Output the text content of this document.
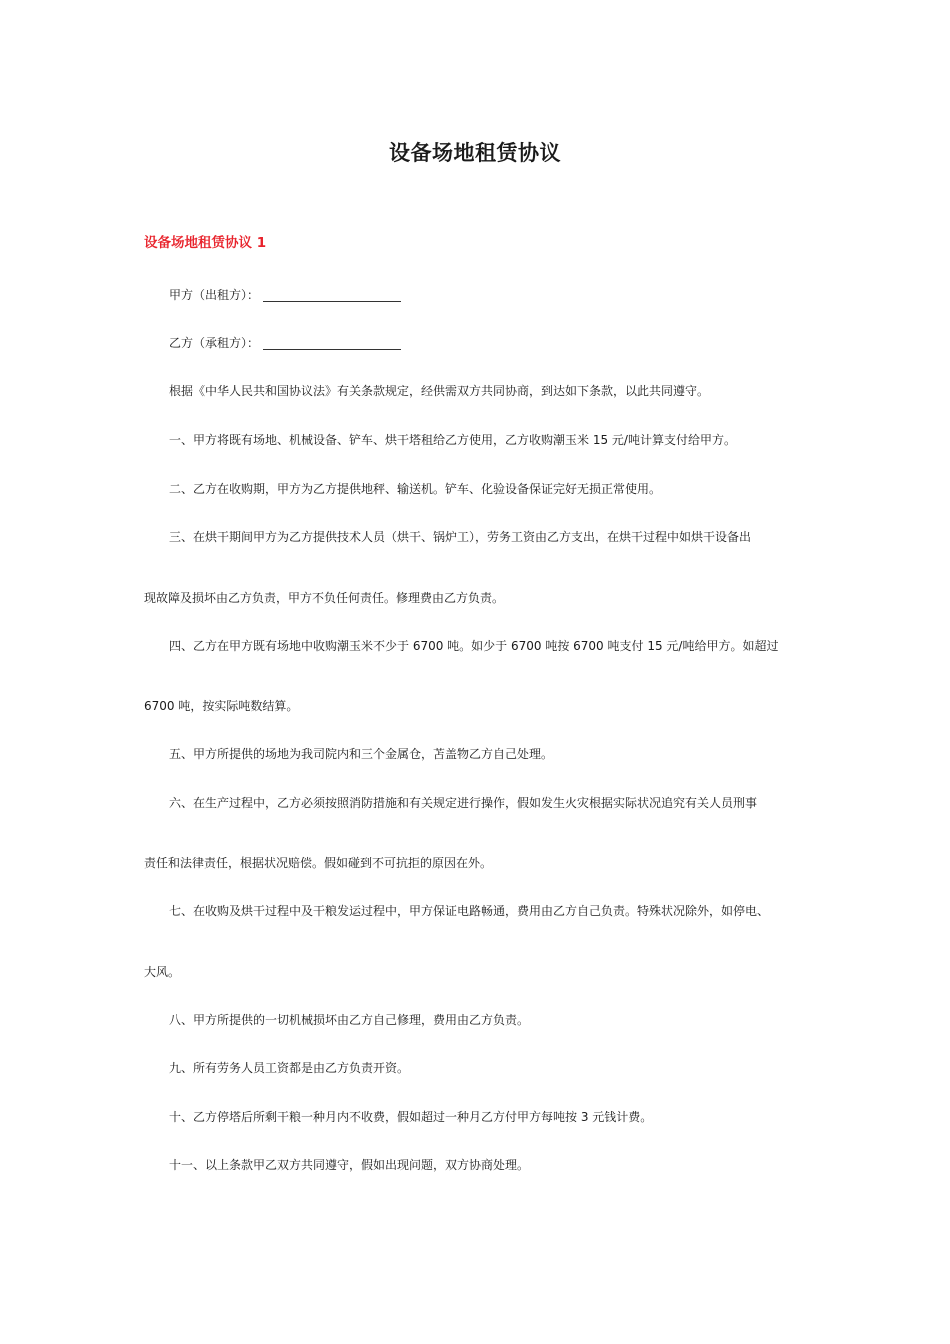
设备场地租赁协议
设备场地租赁协议 1
甲方（出租方）：
乙方（承租方）：
根据《中华人民共和国协议法》有关条款规定，经供需双方共同协商，到达如下条款，以此共同遵守。
一、甲方将既有场地、机械设备、铲车、烘干塔租给乙方使用，乙方收购潮玉米 15 元/吨计算支付给甲方。
二、乙方在收购期，甲方为乙方提供地秤、输送机。铲车、化验设备保证完好无损正常使用。
三、在烘干期间甲方为乙方提供技术人员（烘干、锅炉工），劳务工资由乙方支出，在烘干过程中如烘干设备出
现故障及损坏由乙方负责，甲方不负任何责任。修理费由乙方负责。
四、乙方在甲方既有场地中收购潮玉米不少于 6700 吨。如少于 6700 吨按 6700 吨支付 15 元/吨给甲方。如超过
6700 吨，按实际吨数结算。
五、甲方所提供的场地为我司院内和三个金属仓，苫盖物乙方自己处理。
六、在生产过程中，乙方必须按照消防措施和有关规定进行操作，假如发生火灾根据实际状况追究有关人员刑事
责任和法律责任，根据状况赔偿。假如碰到不可抗拒的原因在外。
七、在收购及烘干过程中及干粮发运过程中，甲方保证电路畅通，费用由乙方自己负责。特殊状况除外，如停电、
大风。
八、甲方所提供的一切机械损坏由乙方自己修理，费用由乙方负责。
九、所有劳务人员工资都是由乙方负责开资。
十、乙方停塔后所剩干粮一种月内不收费，假如超过一种月乙方付甲方每吨按 3 元钱计费。
十一、以上条款甲乙双方共同遵守，假如出现问题，双方协商处理。
